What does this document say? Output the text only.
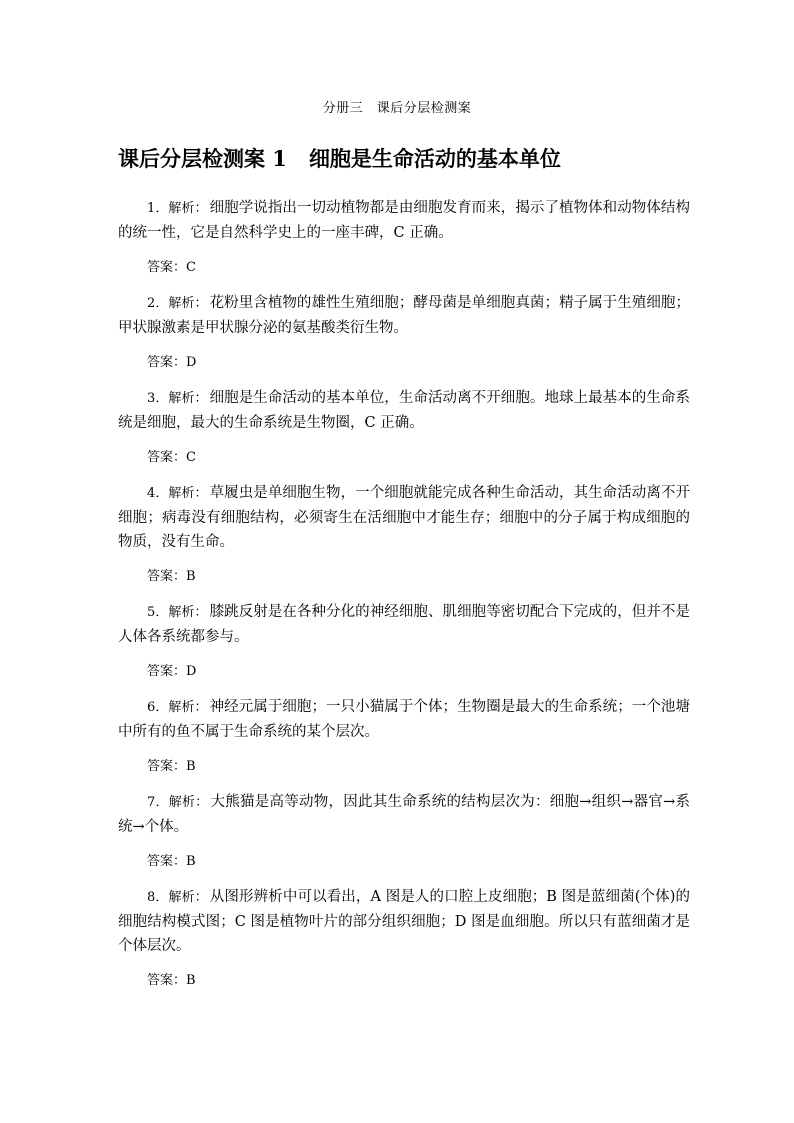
分册三　课后分层检测案
课后分层检测案 1 细胞是生命活动的基本单位

1．解析： 细胞学说指出一切动植物都是由细胞发育而来，揭示了植物体和动物体结构的统一性，它是自然科学史上的一座丰碑，C 正确。

答案：C

2．解析： 花粉里含植物的雄性生殖细胞；酵母菌是单细胞真菌；精子属于生殖细胞；甲状腺激素是甲状腺分泌的氨基酸类衍生物。

答案：D

3．解析： 细胞是生命活动的基本单位，生命活动离不开细胞。地球上最基本的生命系统是细胞，最大的生命系统是生物圈，C 正确。

答案：C

4．解析： 草履虫是单细胞生物，一个细胞就能完成各种生命活动，其生命活动离不开细胞；病毒没有细胞结构，必须寄生在活细胞中才能生存；细胞中的分子属于构成细胞的物质，没有生命。

答案：B

5．解析： 膝跳反射是在各种分化的神经细胞、肌细胞等密切配合下完成的，但并不是人体各系统都参与。

答案：D

6．解析： 神经元属于细胞；一只小猫属于个体；生物圈是最大的生命系统；一个池塘中所有的鱼不属于生命系统的某个层次。

答案：B

7．解析： 大熊猫是高等动物，因此其生命系统的结构层次为：细胞→组织→器官→系统→个体。

答案：B

8．解析： 从图形辨析中可以看出，A 图是人的口腔上皮细胞；B 图是蓝细菌(个体)的细胞结构模式图；C 图是植物叶片的部分组织细胞；D 图是血细胞。所以只有蓝细菌才是个体层次。

答案：B
